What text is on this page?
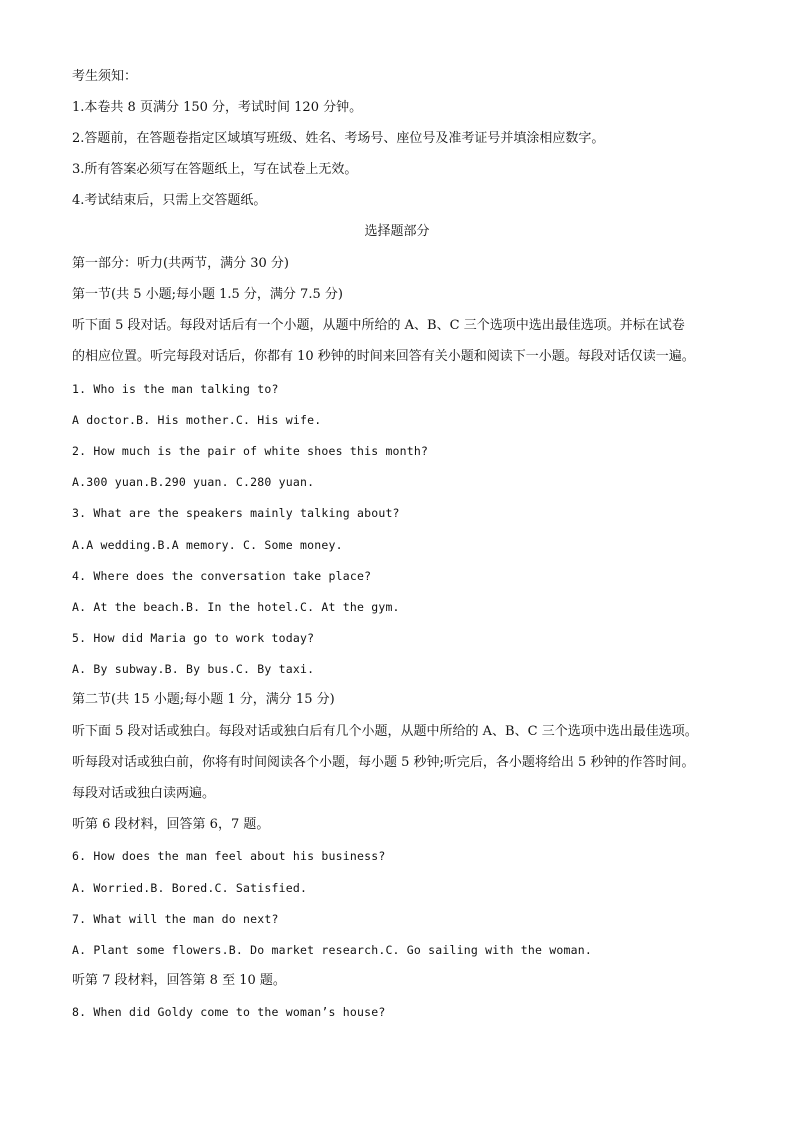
考生须知：
1.本卷共 8 页满分 150 分，考试时间 120 分钟。
2.答题前，在答题卷指定区域填写班级、姓名、考场号、座位号及准考证号并填涂相应数字。
3.所有答案必须写在答题纸上，写在试卷上无效。
4.考试结束后，只需上交答题纸。
选择题部分
第一部分：听力(共两节，满分 30 分)
第一节(共 5 小题;每小题 1.5 分，满分 7.5 分)
听下面 5 段对话。每段对话后有一个小题，从题中所给的 A、B、C 三个选项中选出最佳选项。并标在试卷
的相应位置。听完每段对话后，你都有 10 秒钟的时间来回答有关小题和阅读下一小题。每段对话仅读一遍。
1. Who is the man talking to?
A doctor.B. His mother.C. His wife.
2. How much is the pair of white shoes this month?
A.300 yuan.B.290 yuan. C.280 yuan.
3. What are the speakers mainly talking about?
A.A wedding.B.A memory. C. Some money.
4. Where does the conversation take place?
A. At the beach.B. In the hotel.C. At the gym.
5. How did Maria go to work today?
A. By subway.B. By bus.C. By taxi.
第二节(共 15 小题;每小题 1 分，满分 15 分)
听下面 5 段对话或独白。每段对话或独白后有几个小题，从题中所给的 A、B、C 三个选项中选出最佳选项。
听每段对话或独白前，你将有时间阅读各个小题，每小题 5 秒钟;听完后，各小题将给出 5 秒钟的作答时间。
每段对话或独白读两遍。
听第 6 段材料，回答第 6，7 题。
6. How does the man feel about his business?
A. Worried.B. Bored.C. Satisfied.
7. What will the man do next?
A. Plant some flowers.B. Do market research.C. Go sailing with the woman.
听第 7 段材料，回答第 8 至 10 题。
8. When did Goldy come to the woman’s house?
